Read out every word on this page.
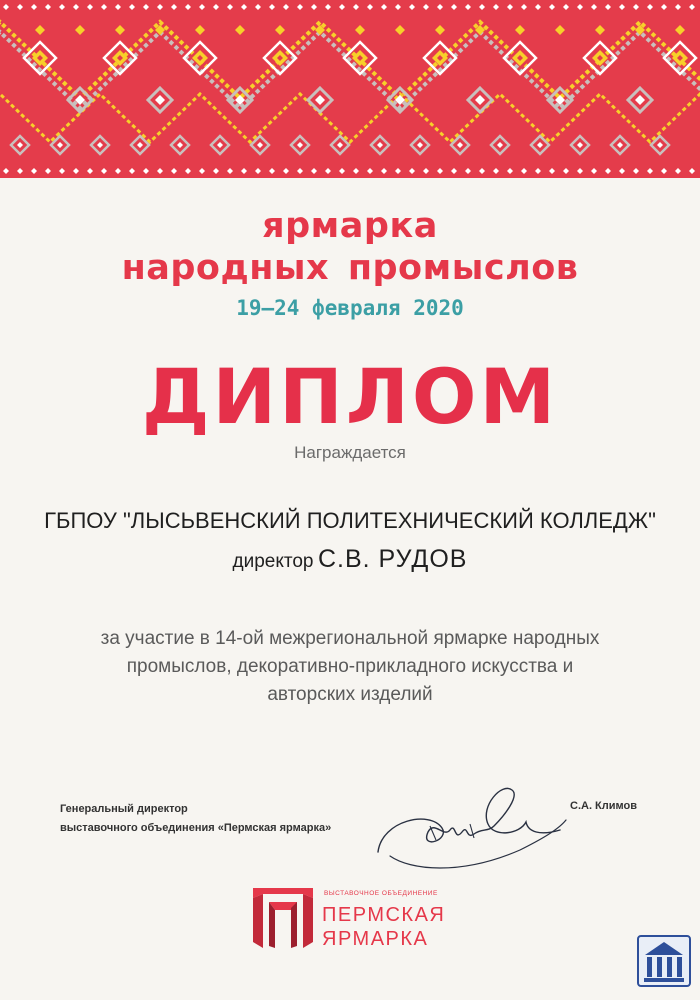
ярмарка
народных промыслов
19–24 февраля 2020
ДИПЛОМ
Награждается
ГБПОУ "ЛЫСЬВЕНСКИЙ ПОЛИТЕХНИЧЕСКИЙ КОЛЛЕДЖ"
директор С.В. РУДОВ
за участие в 14-ой межрегиональной ярмарке народных
промыслов, декоративно-прикладного искусства и
авторских изделий
Генеральный директор
выставочного объединения «Пермская ярмарка»
С.А. Климов
ВЫСТАВОЧНОЕ ОБЪЕДИНЕНИЕ
ПЕРМСКАЯ
ЯРМАРКА
